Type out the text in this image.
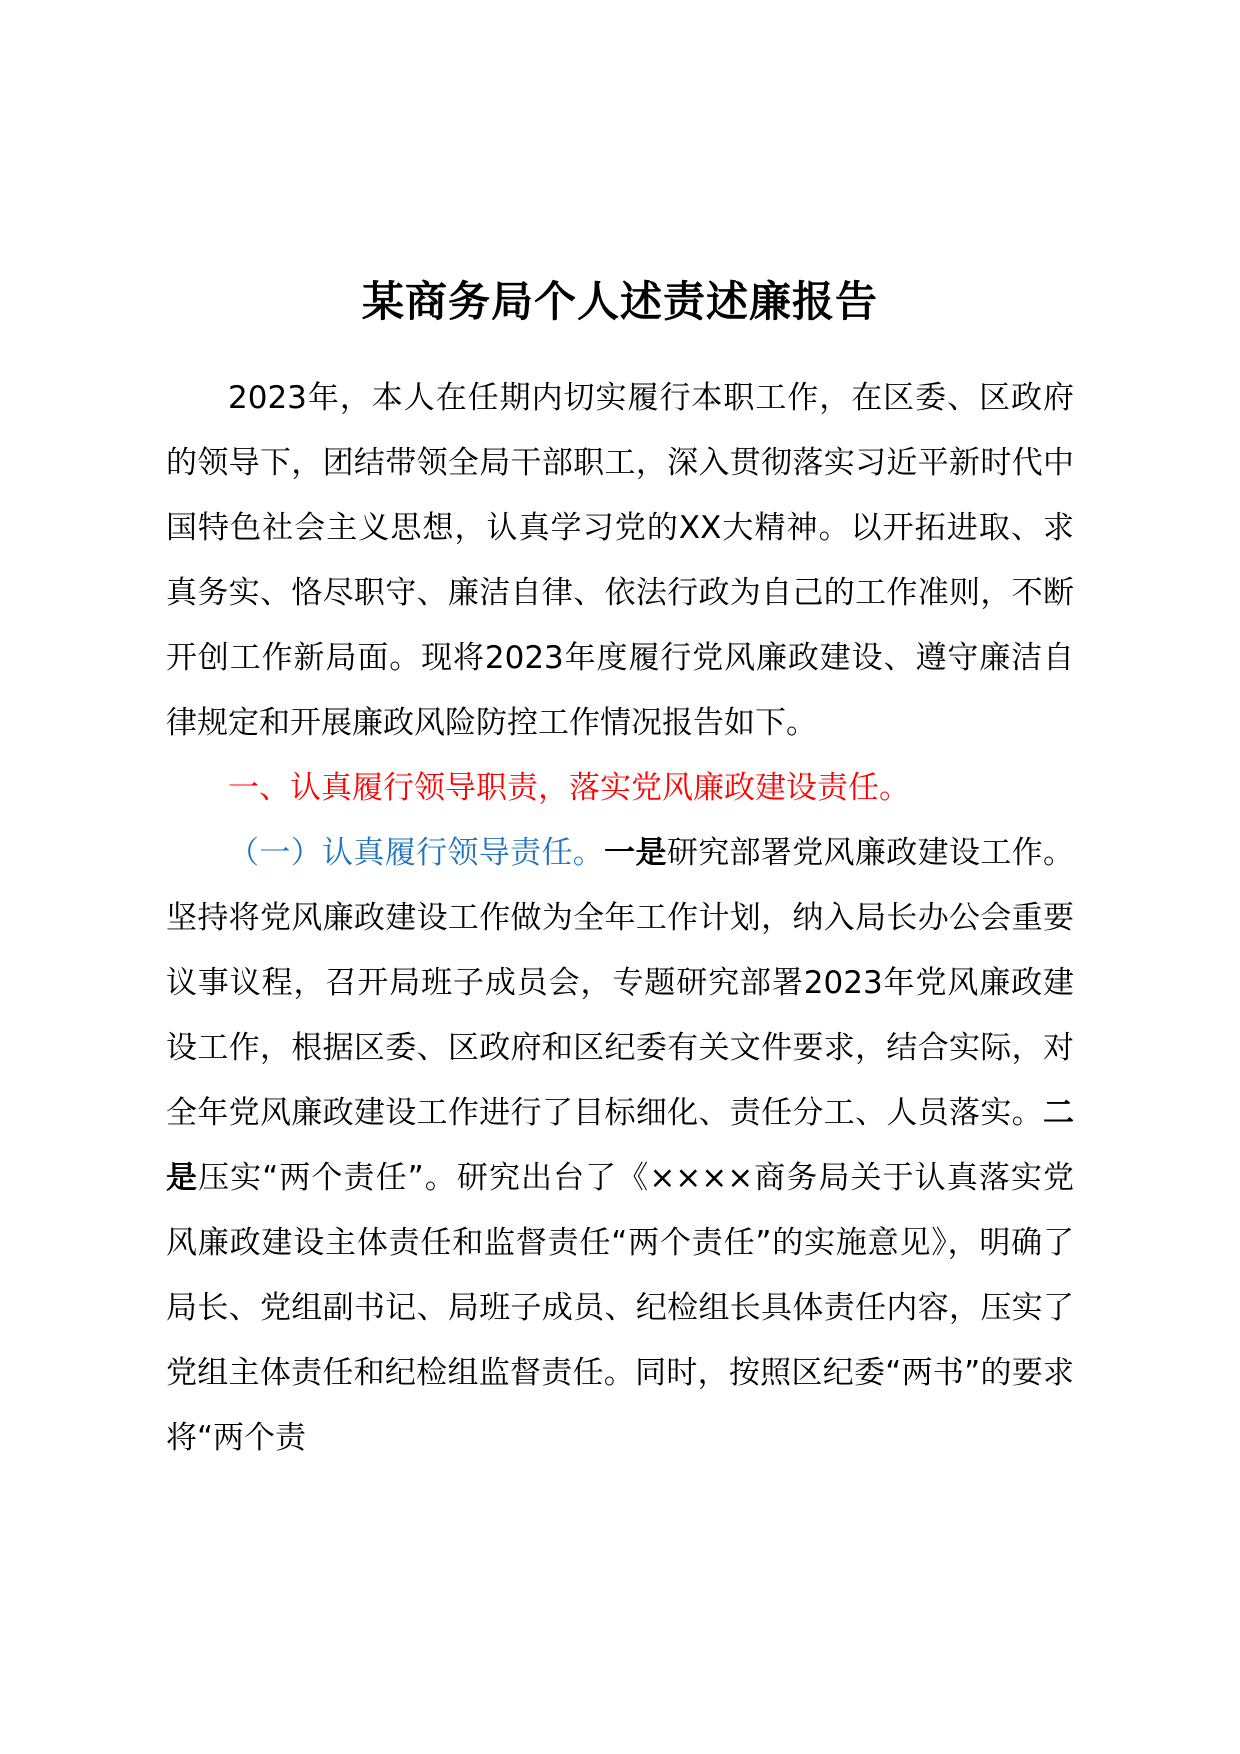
某商务局个人述责述廉报告

2023年，本人在任期内切实履行本职工作，在区委、区政府的领导下，团结带领全局干部职工，深入贯彻落实习近平新时代中国特色社会主义思想，认真学习党的XX大精神。以开拓进取、求真务实、恪尽职守、廉洁自律、依法行政为自己的工作准则，不断开创工作新局面。现将2023年度履行党风廉政建设、遵守廉洁自律规定和开展廉政风险防控工作情况报告如下。

一、认真履行领导职责，落实党风廉政建设责任。

（一）认真履行领导责任。一是研究部署党风廉政建设工作。坚持将党风廉政建设工作做为全年工作计划，纳入局长办公会重要议事议程，召开局班子成员会，专题研究部署2023年党风廉政建设工作，根据区委、区政府和区纪委有关文件要求，结合实际，对全年党风廉政建设工作进行了目标细化、责任分工、人员落实。二是压实“两个责任”。研究出台了《××××商务局关于认真落实党风廉政建设主体责任和监督责任“两个责任”的实施意见》，明确了局长、党组副书记、局班子成员、纪检组长具体责任内容，压实了党组主体责任和纪检组监督责任。同时，按照区纪委“两书”的要求将“两个责
